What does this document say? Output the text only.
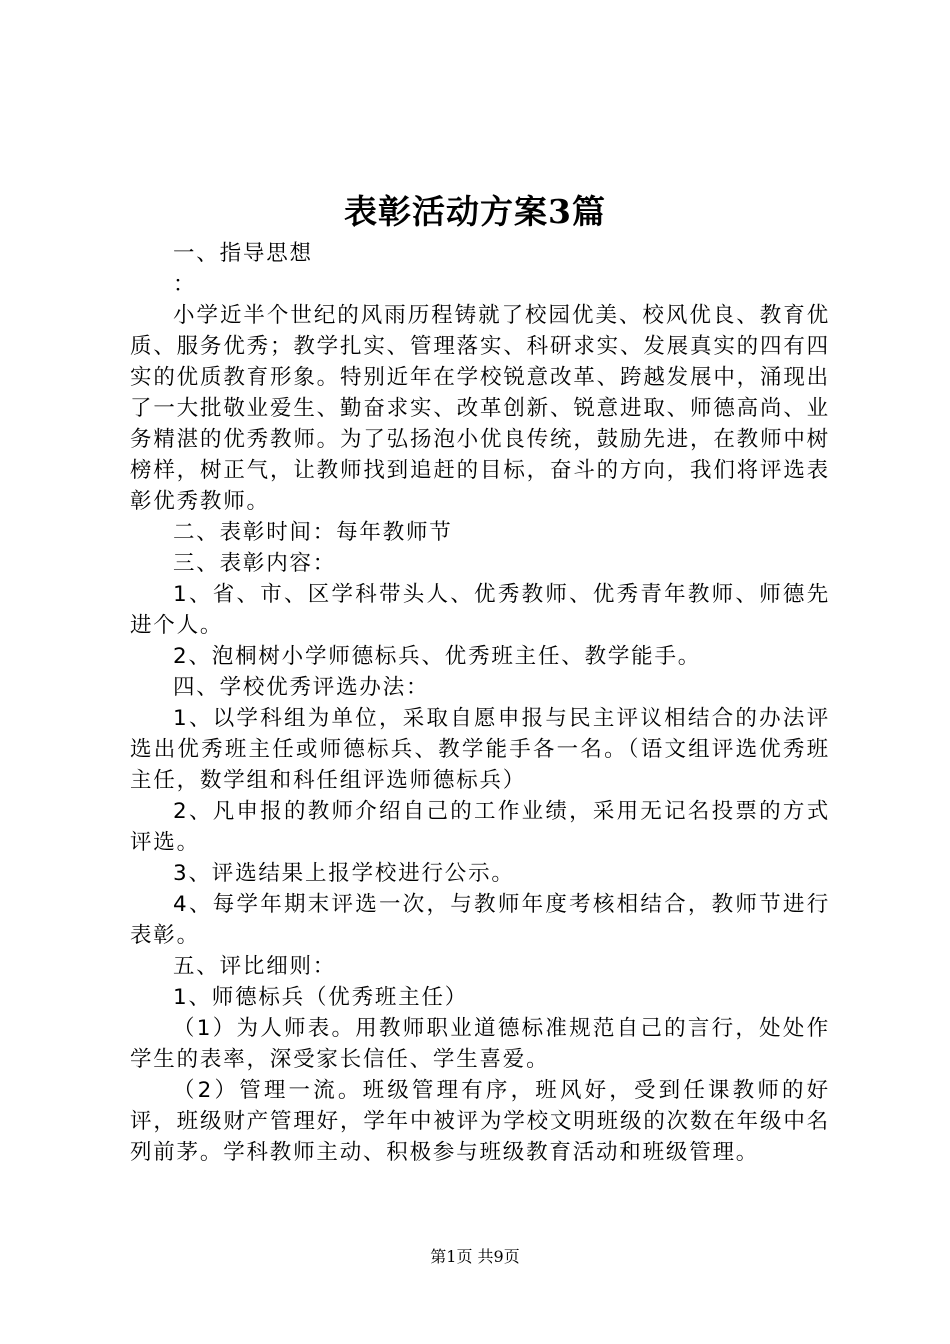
表彰活动方案3篇

一、指导思想

：

小学近半个世纪的风雨历程铸就了校园优美、校风优良、教育优质、服务优秀；教学扎实、管理落实、科研求实、发展真实的四有四实的优质教育形象。特别近年在学校锐意改革、跨越发展中，涌现出了一大批敬业爱生、勤奋求实、改革创新、锐意进取、师德高尚、业务精湛的优秀教师。为了弘扬泡小优良传统，鼓励先进，在教师中树榜样，树正气，让教师找到追赶的目标，奋斗的方向，我们将评选表彰优秀教师。

二、表彰时间：每年教师节

三、表彰内容：

1、省、市、区学科带头人、优秀教师、优秀青年教师、师德先进个人。

2、泡桐树小学师德标兵、优秀班主任、教学能手。

四、学校优秀评选办法：

1、以学科组为单位，采取自愿申报与民主评议相结合的办法评选出优秀班主任或师德标兵、教学能手各一名。（语文组评选优秀班主任，数学组和科任组评选师德标兵）

2、凡申报的教师介绍自己的工作业绩，采用无记名投票的方式评选。

3、评选结果上报学校进行公示。

4、每学年期末评选一次，与教师年度考核相结合，教师节进行表彰。

五、评比细则：

1、师德标兵（优秀班主任）

（1）为人师表。用教师职业道德标准规范自己的言行，处处作学生的表率，深受家长信任、学生喜爱。

（2）管理一流。班级管理有序，班风好，受到任课教师的好评，班级财产管理好，学年中被评为学校文明班级的次数在年级中名列前茅。学科教师主动、积极参与班级教育活动和班级管理。

第1页 共9页
